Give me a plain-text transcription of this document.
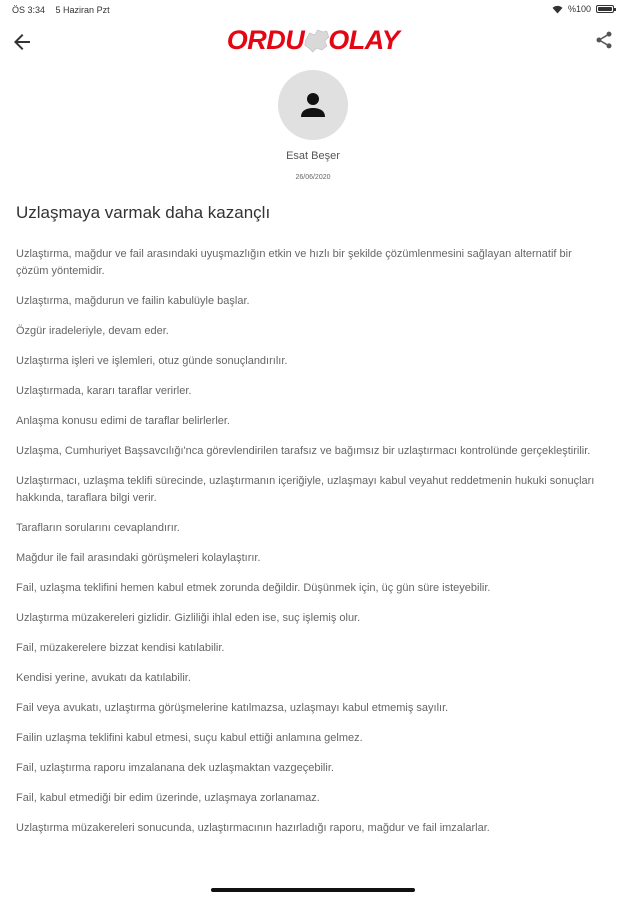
ÖS 3:34 5 Haziran Pzt	%100
ORDU OLAY
Esat Beşer
26/06/2020
Uzlaşmaya varmak daha kazançlı

Uzlaştırma, mağdur ve fail arasındaki uyuşmazlığın etkin ve hızlı bir şekilde çözümlenmesini sağlayan alternatif bir çözüm yöntemidir.

Uzlaştırma, mağdurun ve failin kabulüyle başlar.

Özgür iradeleriyle, devam eder.

Uzlaştırma işleri ve işlemleri, otuz günde sonuçlandırılır.

Uzlaştırmada, kararı taraflar verirler.

Anlaşma konusu edimi de taraflar belirlerler.

Uzlaşma, Cumhuriyet Başsavcılığı'nca görevlendirilen tarafsız ve bağımsız bir uzlaştırmacı kontrolünde gerçekleştirilir.

Uzlaştırmacı, uzlaşma teklifi sürecinde, uzlaştırmanın içeriğiyle, uzlaşmayı kabul veyahut reddetmenin hukuki sonuçları hakkında, taraflara bilgi verir.

Tarafların sorularını cevaplandırır.

Mağdur ile fail arasındaki görüşmeleri kolaylaştırır.

Fail, uzlaşma teklifini hemen kabul etmek zorunda değildir. Düşünmek için, üç gün süre isteyebilir.

Uzlaştırma müzakereleri gizlidir. Gizliliği ihlal eden ise, suç işlemiş olur.

Fail, müzakerelere bizzat kendisi katılabilir.

Kendisi yerine, avukatı da katılabilir.

Fail veya avukatı, uzlaştırma görüşmelerine katılmazsa, uzlaşmayı kabul etmemiş sayılır.

Failin uzlaşma teklifini kabul etmesi, suçu kabul ettiği anlamına gelmez.

Fail, uzlaştırma raporu imzalanana dek uzlaşmaktan vazgeçebilir.

Fail, kabul etmediği bir edim üzerinde, uzlaşmaya zorlanamaz.

Uzlaştırma müzakereleri sonucunda, uzlaştırmacının hazırladığı raporu, mağdur ve fail imzalarlar.
